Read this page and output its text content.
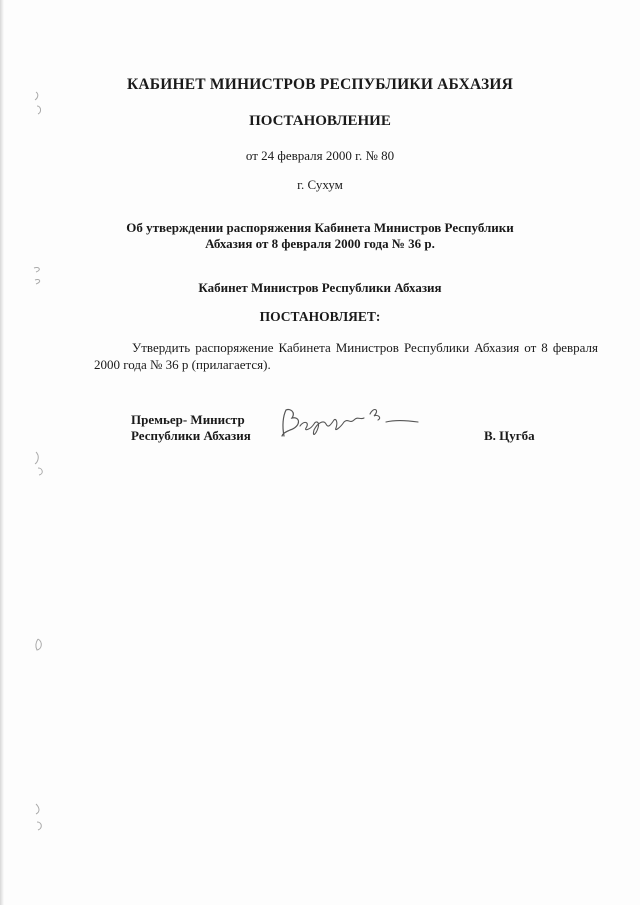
КАБИНЕТ МИНИСТРОВ РЕСПУБЛИКИ АБХАЗИЯ
ПОСТАНОВЛЕНИЕ
от 24 февраля 2000 г. № 80
г. Сухум
Об утверждении распоряжения Кабинета Министров Республики
Абхазия от 8 февраля 2000 года № 36 р.
Кабинет Министров Республики Абхазия
ПОСТАНОВЛЯЕТ:
Утвердить распоряжение Кабинета Министров Республики Абхазия от 8 февраля 2000 года № 36 р (прилагается).
Премьер- Министр
Республики Абхазия	В. Цугба
